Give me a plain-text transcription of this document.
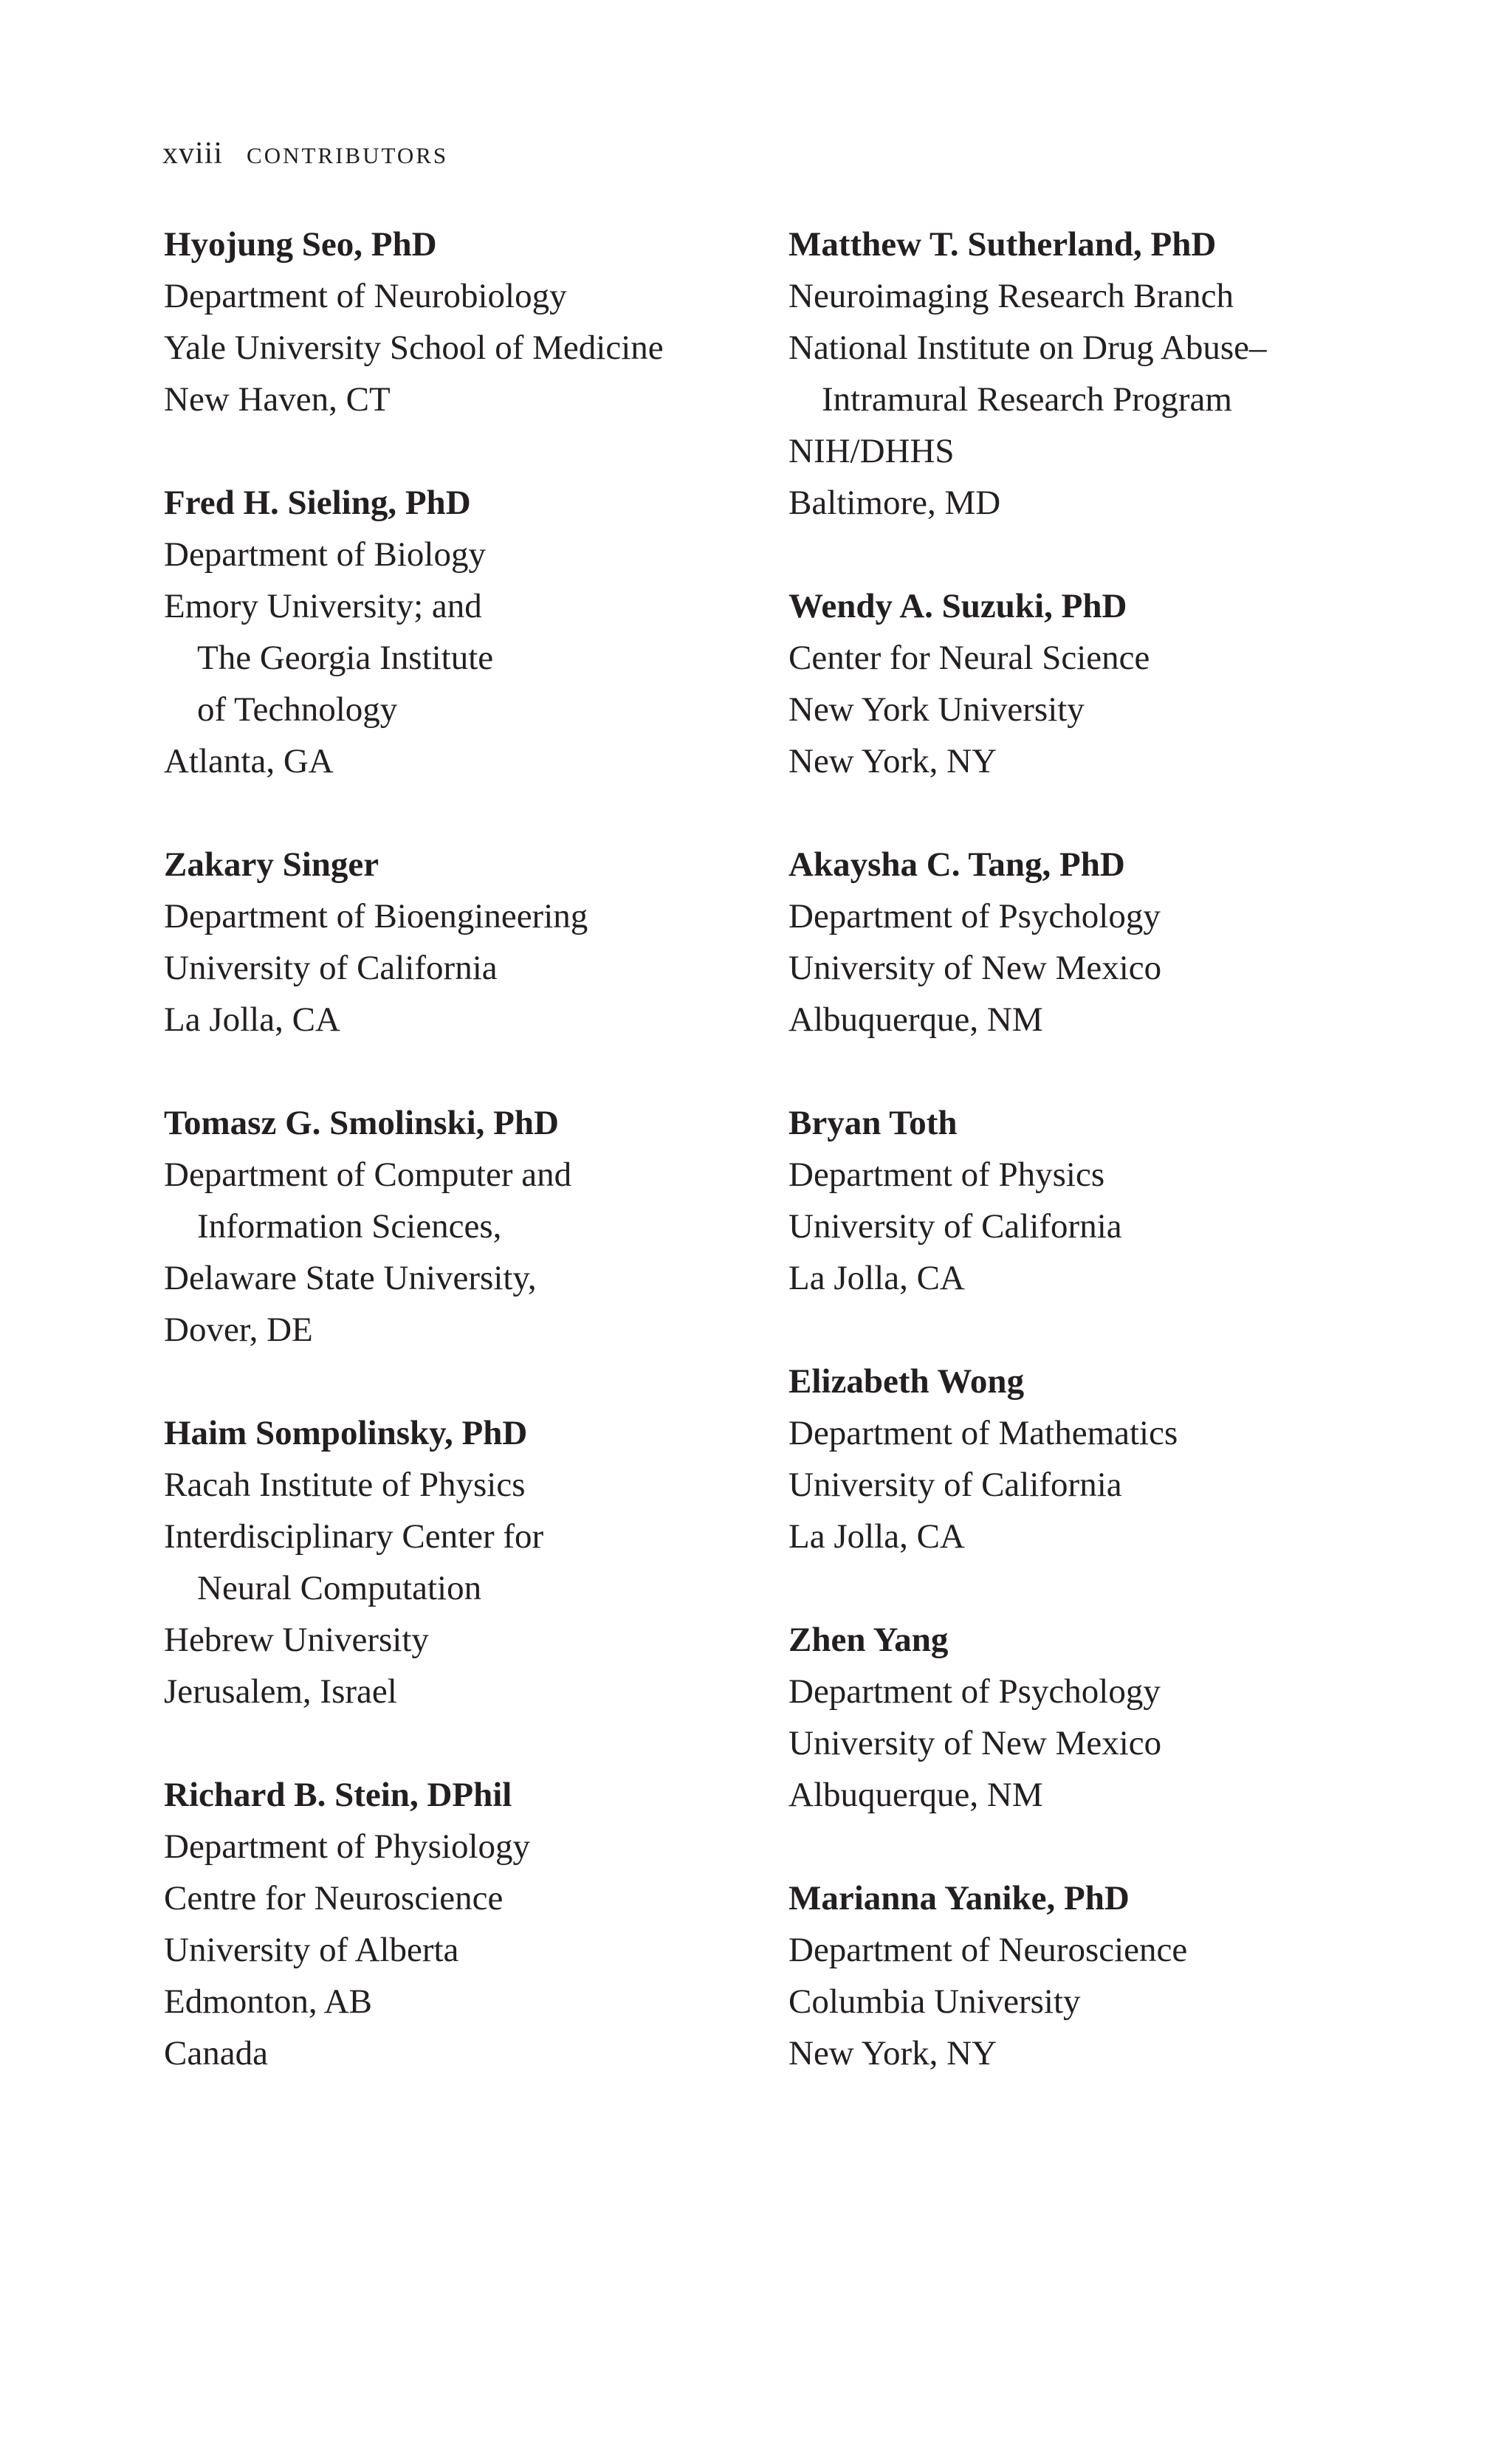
xviii CONTRIBUTORS
Hyojung Seo, PhD
Department of Neurobiology
Yale University School of Medicine
New Haven, CT
Fred H. Sieling, PhD
Department of Biology
Emory University; and
The Georgia Institute
of Technology
Atlanta, GA
Zakary Singer
Department of Bioengineering
University of California
La Jolla, CA
Tomasz G. Smolinski, PhD
Department of Computer and
Information Sciences,
Delaware State University,
Dover, DE
Haim Sompolinsky, PhD
Racah Institute of Physics
Interdisciplinary Center for
Neural Computation
Hebrew University
Jerusalem, Israel
Richard B. Stein, DPhil
Department of Physiology
Centre for Neuroscience
University of Alberta
Edmonton, AB
Canada
Matthew T. Sutherland, PhD
Neuroimaging Research Branch
National Institute on Drug Abuse–
Intramural Research Program
NIH/DHHS
Baltimore, MD
Wendy A. Suzuki, PhD
Center for Neural Science
New York University
New York, NY
Akaysha C. Tang, PhD
Department of Psychology
University of New Mexico
Albuquerque, NM
Bryan Toth
Department of Physics
University of California
La Jolla, CA
Elizabeth Wong
Department of Mathematics
University of California
La Jolla, CA
Zhen Yang
Department of Psychology
University of New Mexico
Albuquerque, NM
Marianna Yanike, PhD
Department of Neuroscience
Columbia University
New York, NY
